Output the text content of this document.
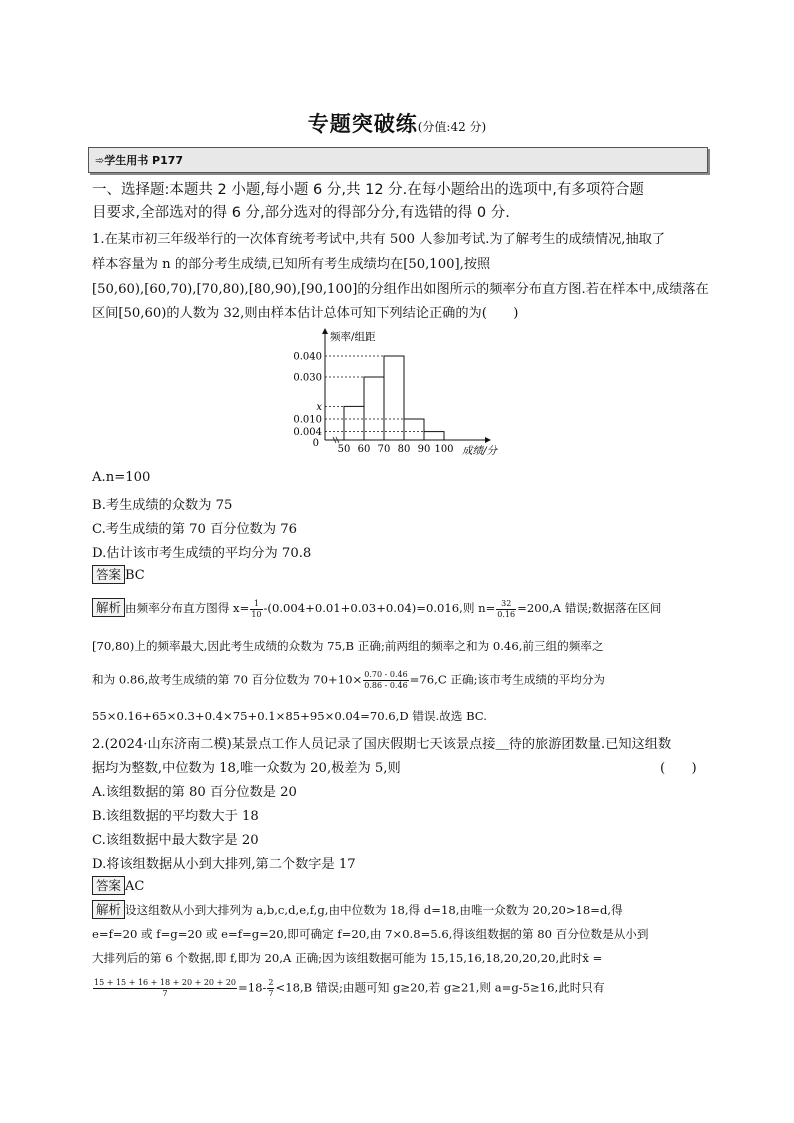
专题突破练(分值:42 分)
➾学生用书 P177
一、选择题:本题共 2 小题,每小题 6 分,共 12 分.在每小题给出的选项中,有多项符合题
目要求,全部选对的得 6 分,部分选对的得部分分,有选错的得 0 分.
1.在某市初三年级举行的一次体育统考考试中,共有 500 人参加考试.为了解考生的成绩情况,抽取了
样本容量为 n 的部分考生成绩,已知所有考生成绩均在[50,100],按照
[50,60),[60,70),[70,80),[80,90),[90,100]的分组作出如图所示的频率分布直方图.若在样本中,成绩落在
区间[50,60)的人数为 32,则由样本估计总体可知下列结论正确的为(　　)
0.040
0.030
x
0.010
0.004
0
50 60 70 80 90 100
频率/组距
成绩/分
A.n=100
B.考生成绩的众数为 75
C.考生成绩的第 70 百分位数为 76
D.估计该市考生成绩的平均分为 70.8
答案 BC
解析 由频率分布直方图得 $x= \frac{1}{10} -(0.004+0.01+0.03+0.04)=0.016$,则 $n= \frac{32}{0.16} =200,A$ 错误;数据落在区间
[70,80)上的频率最大,因此考生成绩的众数为 75,B 正确;前两组的频率之和为 0.46,前三组的频率之
和为 0.86,故考生成绩的第 70 百分位数为 $70+10\times \frac{0.70 - 0.46}{0.86 - 0.46} =76,C$ 正确;该市考生成绩的平均分为
55×0.16+65×0.3+0.4×75+0.1×85+95×0.04=70.6,D 错误.故选 BC.
2.(2024·山东济南二模)某景点工作人员记录了国庆假期七天该景点接＿待的旅游团数量.已知这组数
据均为整数,中位数为 18,唯一众数为 20,极差为 5,则	(　　)
A.该组数据的第 80 百分位数是 20
B.该组数据的平均数大于 18
C.该组数据中最大数字是 20
D.将该组数据从小到大排列,第二个数字是 17
答案 AC
解析 设这组数从小到大排列为 a,b,c,d,e,f,g,由中位数为 18,得 d=18,由唯一众数为 20,20>18=d,得
e=f=20 或 f=g=20 或 e=f=g=20,即可确定 f=20,由 7×0.8=5.6,得该组数据的第 80 百分位数是从小到
大排列后的第 6 个数据,即 f,即为 20,A 正确;因为该组数据可能为 15,15,16,18,20,20,20,此时x̄ =
$\frac{15 + 15 + 16 + 18 + 20 + 20 + 20}{7} =18- \frac{2}{7} <18,B$ 错误;由题可知 g≥20,若 g≥21,则 a=g-5≥16,此时只有
